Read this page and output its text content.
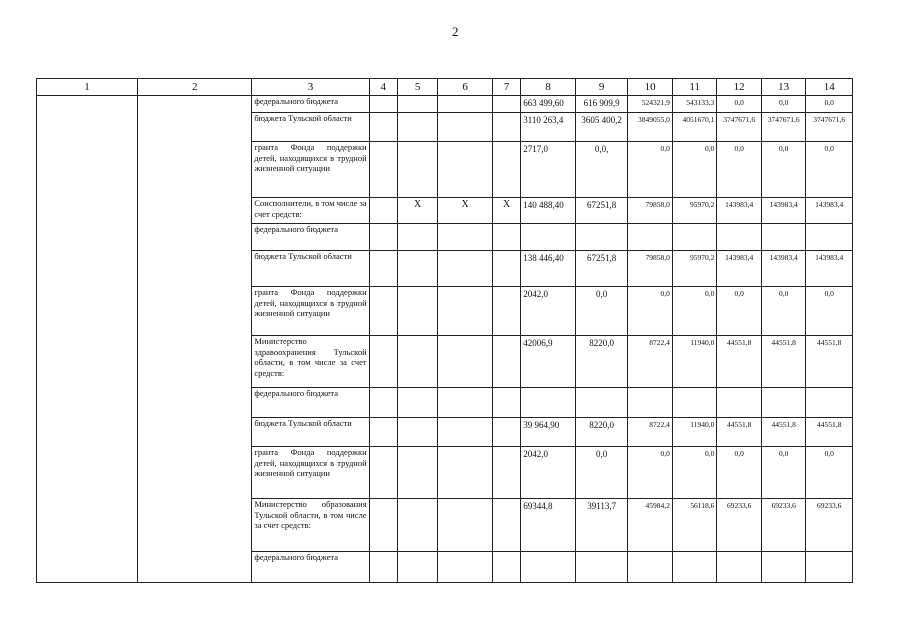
2
1	2	3	4	5	6	7	8	9	10	11	12	13	14
		федерального бюджета					663 499,60	616 909,9	524321,9	543133,3	0,0	0,0	0,0
		бюджета Тульской области					3110 263,4	3605 400,2	3849055,0	4051670,1	3747671,6	3747671,6	3747671,6
		гранта Фонда поддержки детей, находящихся в трудной жизненной ситуации					2717,0	0,0,	0,0	0,0	0,0	0,0	0,0
		Соисполнители, в том числе за счет средств:		Х	Х	Х	140 488,40	67251,8	79858,0	95970,2	143983,4	143983,4	143983,4
		федерального бюджета											
		бюджета Тульской области					138 446,40	67251,8	79858,0	95970,2	143983,4	143983,4	143983,4
		гранта Фонда поддержки детей, находящихся в трудной жизненной ситуации					2042,0	0,0	0,0	0,0	0,0	0,0	0,0
		Министерство здравоохранения Тульской области, в том числе за счет средств:					42006,9	8220,0	8722,4	11940,0	44551,8	44551,8	44551,8
		федерального бюджета											
		бюджета Тульской области					39 964,90	8220,0	8722,4	11940,0	44551,8	44551,8	44551,8
		гранта Фонда поддержки детей, находящихся в трудной жизненной ситуации					2042,0	0,0	0,0	0,0	0,0	0,0	0,0
		Министерство образования Тульской области, в том числе за счет средств:					69344,8	39113,7	45984,2	56118,6	69233,6	69233,6	69233,6
		федерального бюджета											
